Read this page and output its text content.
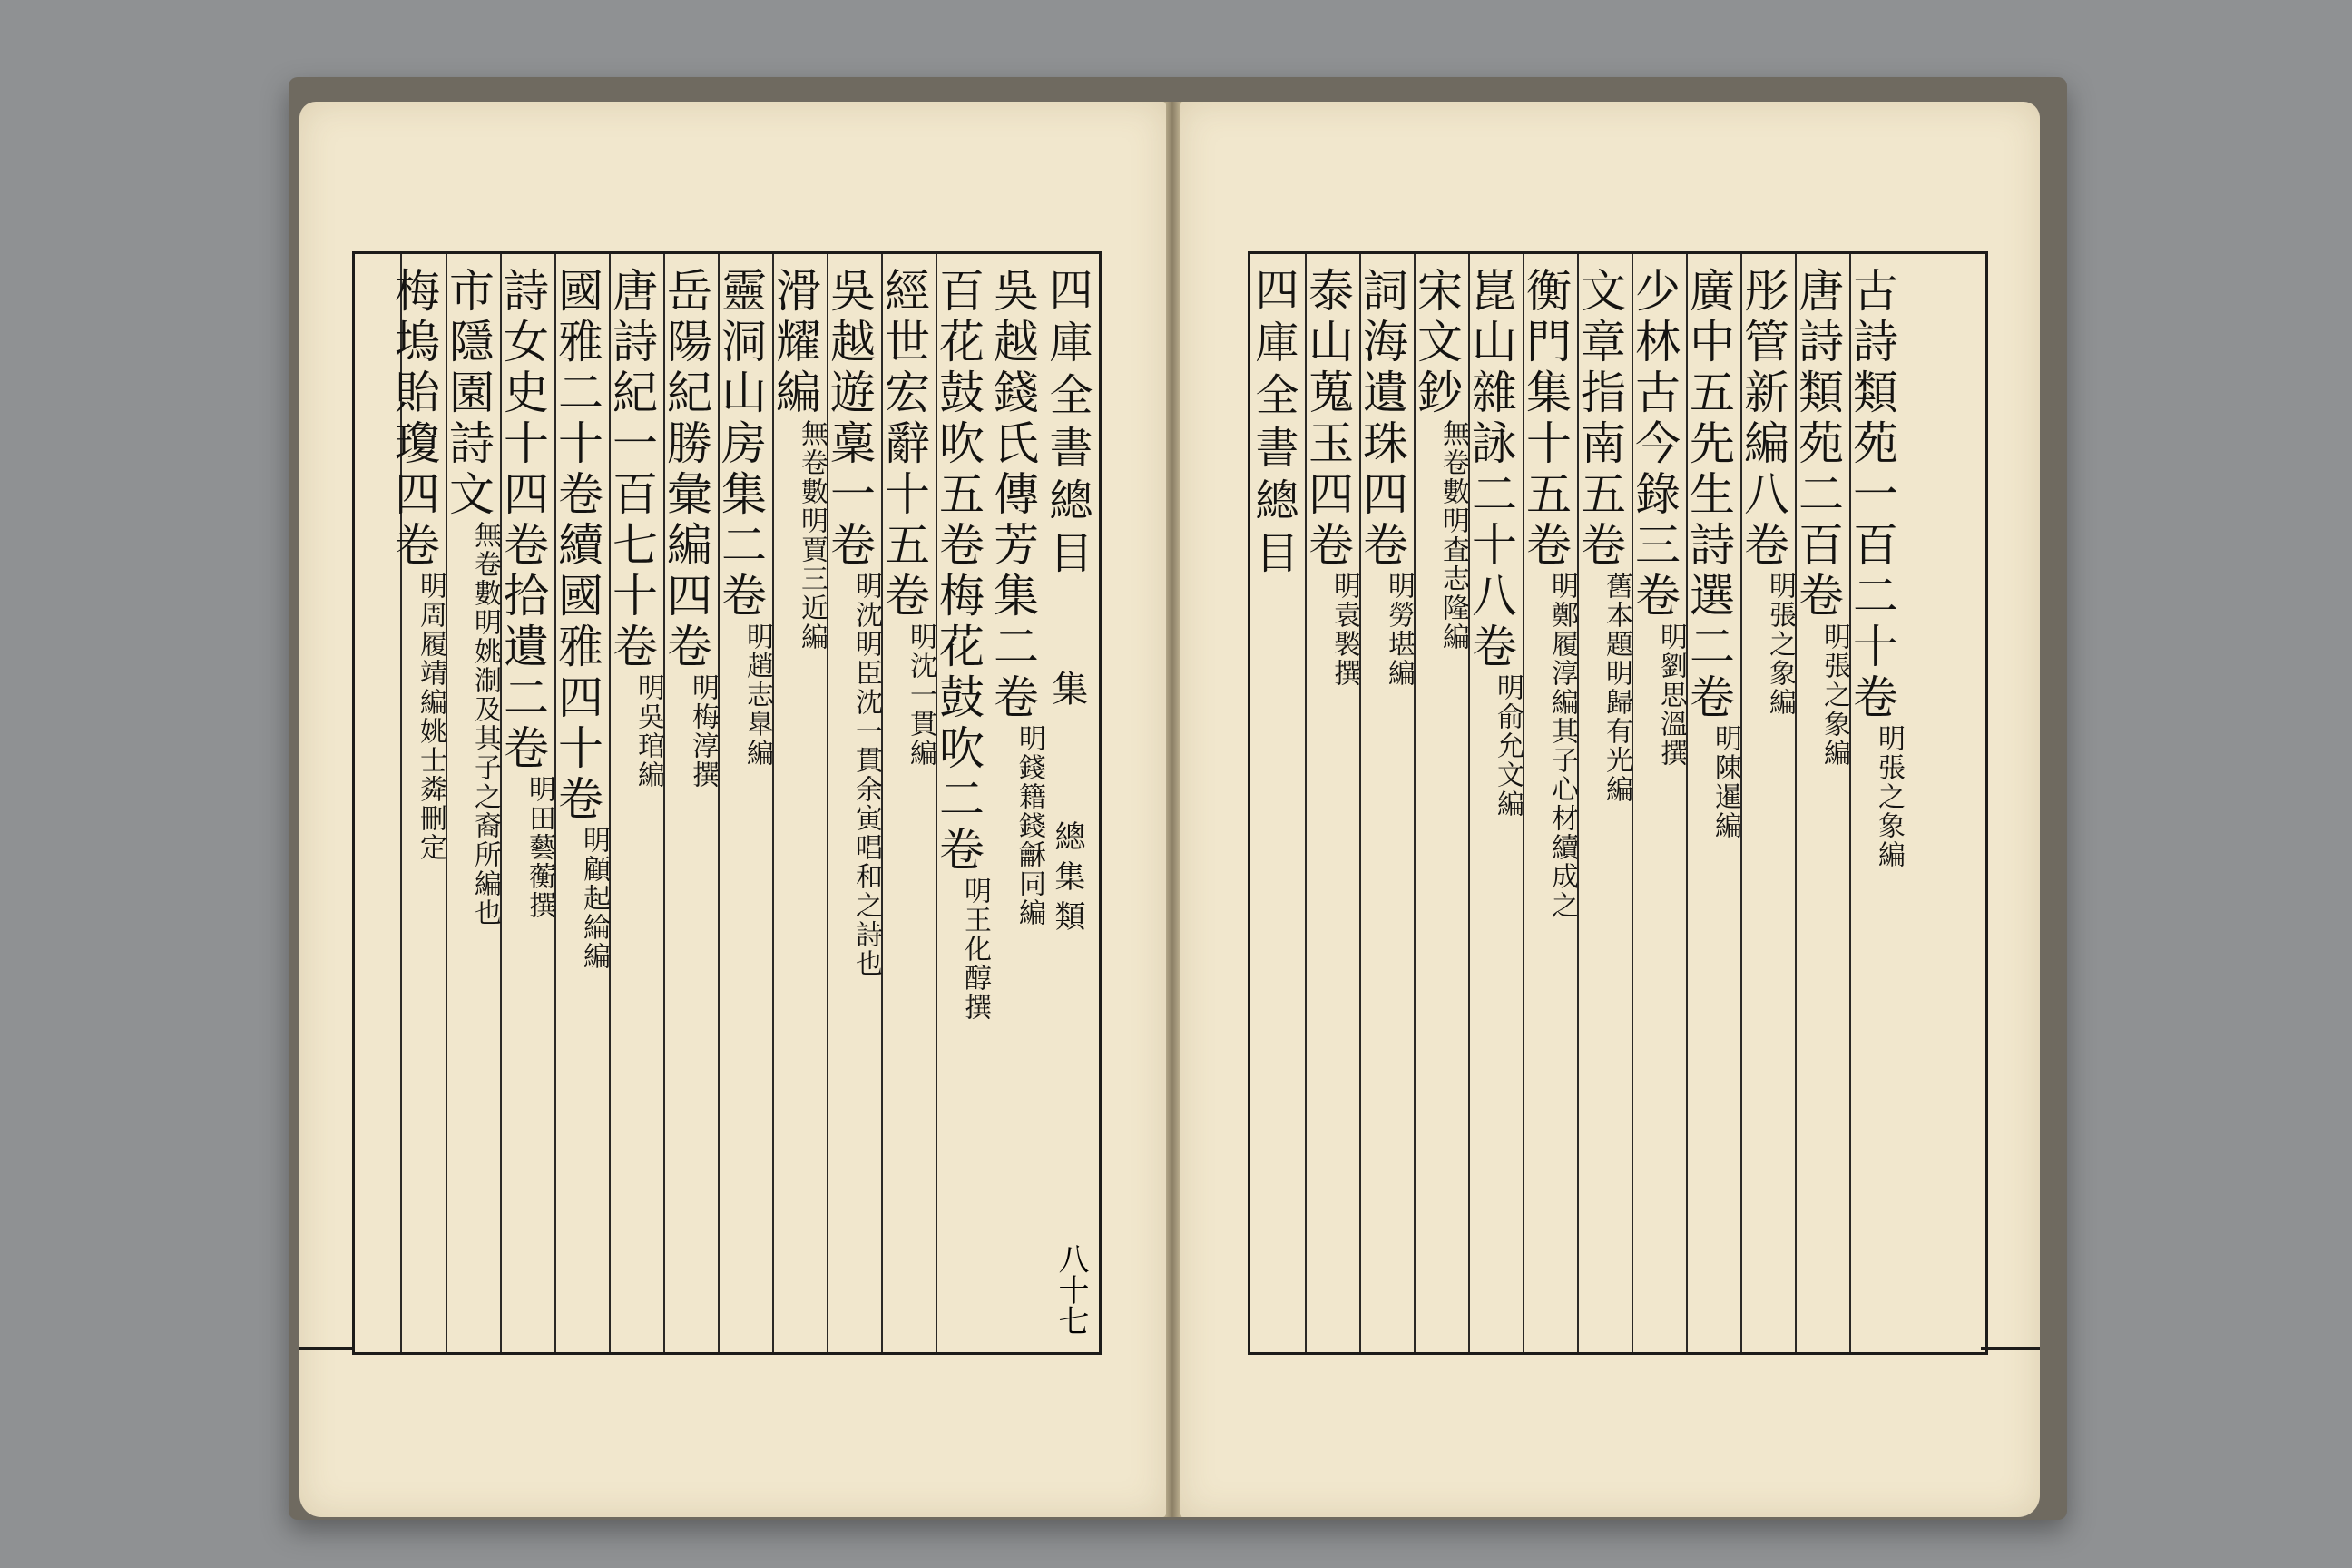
四庫全書總目 集 總集類
八十七
吳越錢氏傳芳集二卷
明錢籍錢龢同編
百花鼓吹五卷梅花鼓吹二卷
明王化醇撰
經世宏辭十五卷
明沈一貫編
吳越遊稾一卷
明沈明臣沈一貫余寅唱和之詩也
滑耀編
無卷數明賈三近編
靈洞山房集二卷
明趙志臯編
岳陽紀勝彙編四卷
明梅淳撰
唐詩紀一百七十卷
明吳琯編
國雅二十卷續國雅四十卷
明顧起綸編
詩女史十四卷拾遺二卷
明田藝蘅撰
市隱園詩文
無卷數明姚淛及其子之裔所編也
梅塢貽瓊四卷
明周履靖編姚士粦刪定
四庫全書總目 泰山蒐玉四卷
明袁褧撰
詞海遺珠四卷
明勞堪編
宋文鈔
無卷數明査志隆編
崑山雜詠二十八卷
明俞允文編
衡門集十五卷
明鄭履淳編其子心材續成之
文章指南五卷
舊本題明歸有光編
少林古今錄三卷
明劉思溫撰
廣中五先生詩選二卷
明陳暹編
彤管新編八卷
明張之象編
唐詩類苑二百卷
明張之象編
古詩類苑一百二十卷
明張之象編
